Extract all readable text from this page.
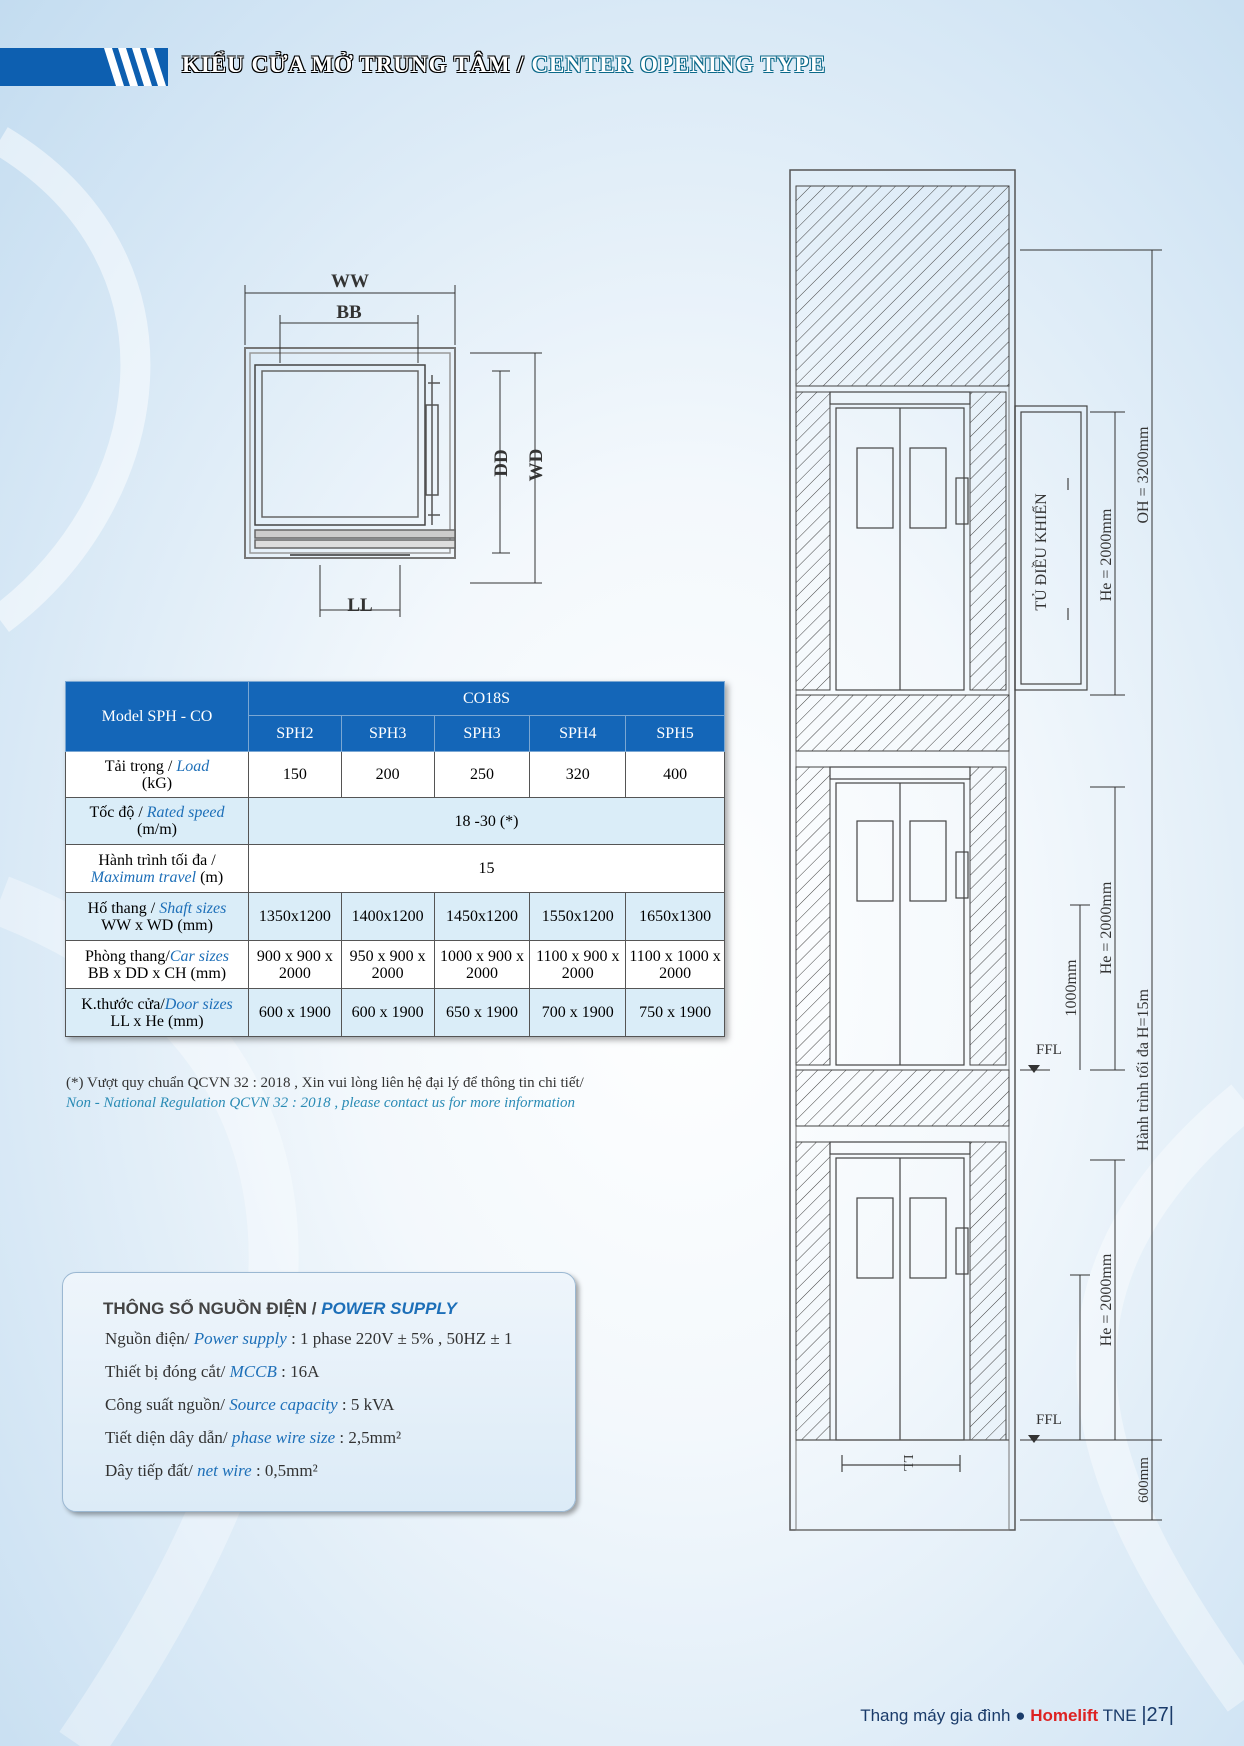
KIỂU CỬA MỞ TRUNG TÂM / CENTER OPENING TYPE
WW
BB
WD
DD
LL
Model SPH - CO	CO18S				
	SPH2	SPH3	SPH3	SPH4	SPH5
Tải trọng / Load
(kG)	150	200	250	320	400
Tốc độ / Rated speed
(m/m)	18 -30 (*)				
Hành trình tối đa /
Maximum travel (m)	15				
Hố thang / Shaft sizes
WW x WD (mm)	1350x1200	1400x1200	1450x1200	1550x1200	1650x1300
Phòng thang/Car sizes
BB x DD x CH (mm)	900 x 900 x 2000	950 x 900 x 2000	1000 x 900 x 2000	1100 x 900 x 2000	1100 x 1000 x 2000
K.thước cửa/Door sizes
LL x He (mm)	600 x 1900	600 x 1900	650 x 1900	700 x 1900	750 x 1900
(*) Vượt quy chuẩn QCVN 32 : 2018 , Xin vui lòng liên hệ đại lý để thông tin chi tiết/
Non - National Regulation QCVN 32 : 2018 , please contact us for more information
THÔNG SỐ NGUỒN ĐIỆN / POWER SUPPLY
Nguồn điện/ Power supply : 1 phase 220V ± 5% , 50HZ ± 1
Thiết bị đóng cắt/ MCCB : 16A
Công suất nguồn/ Source capacity : 5 kVA
Tiết diện dây dẫn/ phase wire size : 2,5mm²
Dây tiếp đất/ net wire : 0,5mm²
TỦ ĐIỀU KHIỂN	He = 2000mm
OH = 3200mm
He = 2000mm
1000mm
Hành trình tối đa H=15m
He = 2000mm
FFL
FFL
LL	600mm
Thang máy gia đình ● Homelift TNE |27|
